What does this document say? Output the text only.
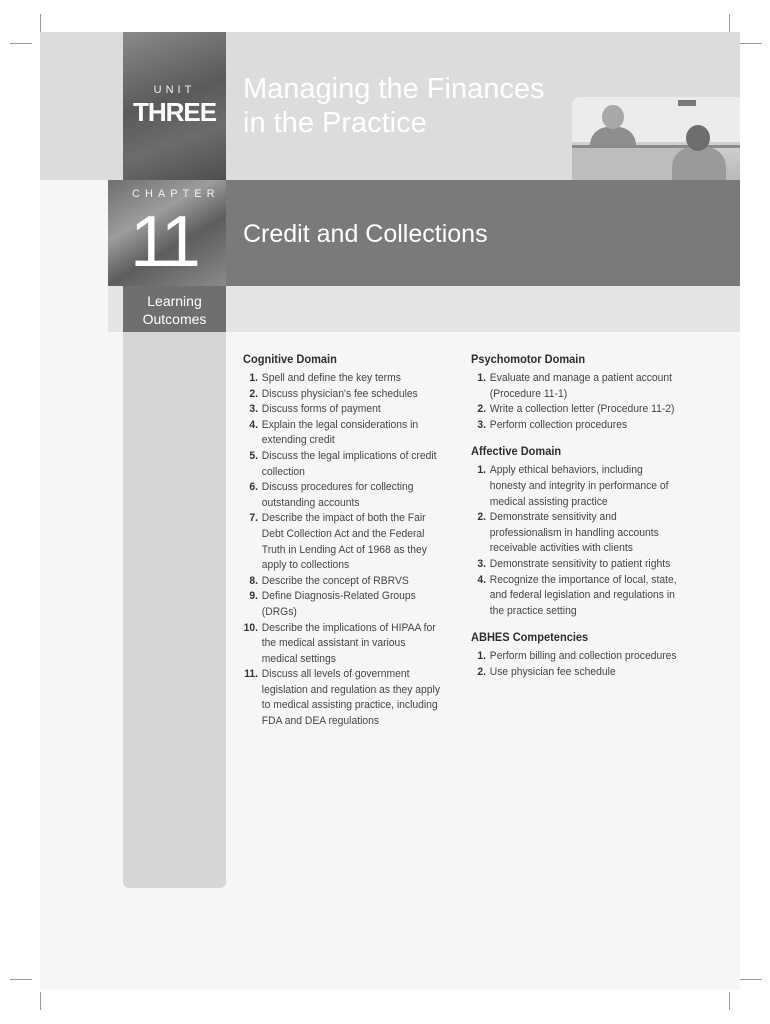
UNIT
THREE
Managing the Finances in the Practice
CHAPTER
11 Credit and Collections
Learning Outcomes
Cognitive Domain
1. Spell and define the key terms
2. Discuss physician's fee schedules
3. Discuss forms of payment
4. Explain the legal considerations in extending credit
5. Discuss the legal implications of credit collection
6. Discuss procedures for collecting outstanding accounts
7. Describe the impact of both the Fair Debt Collection Act and the Federal Truth in Lending Act of 1968 as they apply to collections
8. Describe the concept of RBRVS
9. Define Diagnosis-Related Groups (DRGs)
10. Describe the implications of HIPAA for the medical assistant in various medical settings
11. Discuss all levels of government legislation and regulation as they apply to medical assisting practice, including FDA and DEA regulations
Psychomotor Domain
1. Evaluate and manage a patient account (Procedure 11-1)
2. Write a collection letter (Procedure 11-2)
3. Perform collection procedures
Affective Domain
1. Apply ethical behaviors, including honesty and integrity in performance of medical assisting practice
2. Demonstrate sensitivity and professionalism in handling accounts receivable activities with clients
3. Demonstrate sensitivity to patient rights
4. Recognize the importance of local, state, and federal legislation and regulations in the practice setting
ABHES Competencies
1. Perform billing and collection procedures
2. Use physician fee schedule
